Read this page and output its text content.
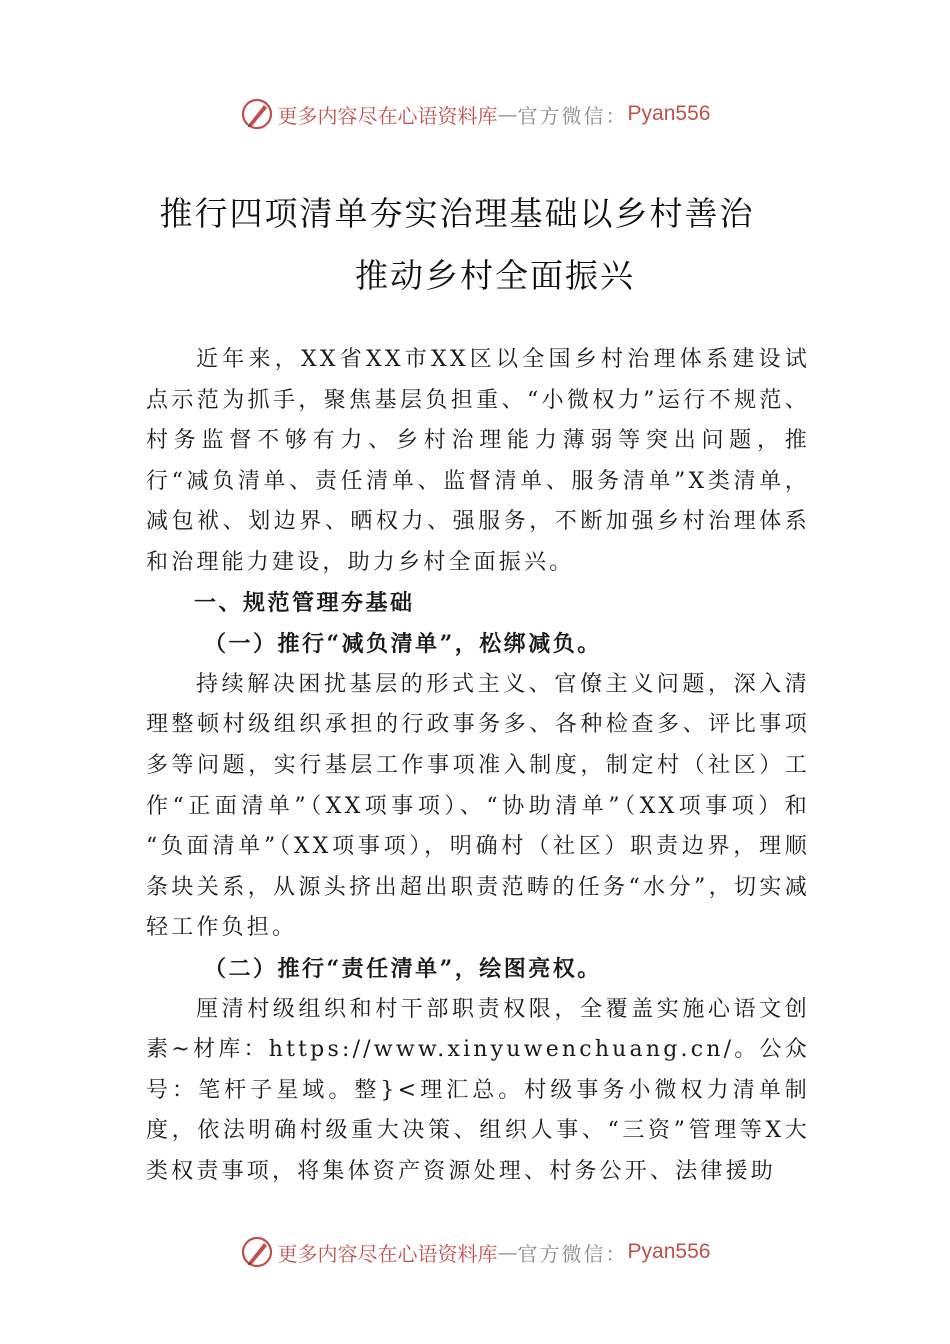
更多内容尽在心语资料库 — 官方微信： Pyan556
推行四项清单夯实治理基础以乡村善治
推动乡村全面振兴

近年来，XX省XX市XX区以全国乡村治理体系建设试点示范为抓手，聚焦基层负担重、“小微权力”运行不规范、村务监督不够有力、乡村治理能力薄弱等突出问题，推行“减负清单、责任清单、监督清单、服务清单”X类清单，减包袱、划边界、晒权力、强服务，不断加强乡村治理体系和治理能力建设，助力乡村全面振兴。

一、规范管理夯基础

（一）推行“减负清单”，松绑减负。

持续解决困扰基层的形式主义、官僚主义问题，深入清理整顿村级组织承担的行政事务多、各种检查多、评比事项多等问题，实行基层工作事项准入制度，制定村（社区）工作“正面清单”（XX项事项）、“协助清单”（XX项事项）和 “负面清单”（XX项事项），明确村（社区）职责边界，理顺条块关系，从源头挤出超出职责范畴的任务“水分”，切实减轻工作负担。

（二）推行“责任清单”，绘图亮权。

厘清村级组织和村干部职责权限，全覆盖实施心语文创素~材库：https://www.xinyuwenchuang.cn/。公众号：笔杆子星域。整}<理汇总。村级事务小微权力清单制度，依法明确村级重大决策、组织人事、“三资”管理等X大类权责事项，将集体资产资源处理、村务公开、法律援助

更多内容尽在心语资料库 — 官方微信： Pyan556
